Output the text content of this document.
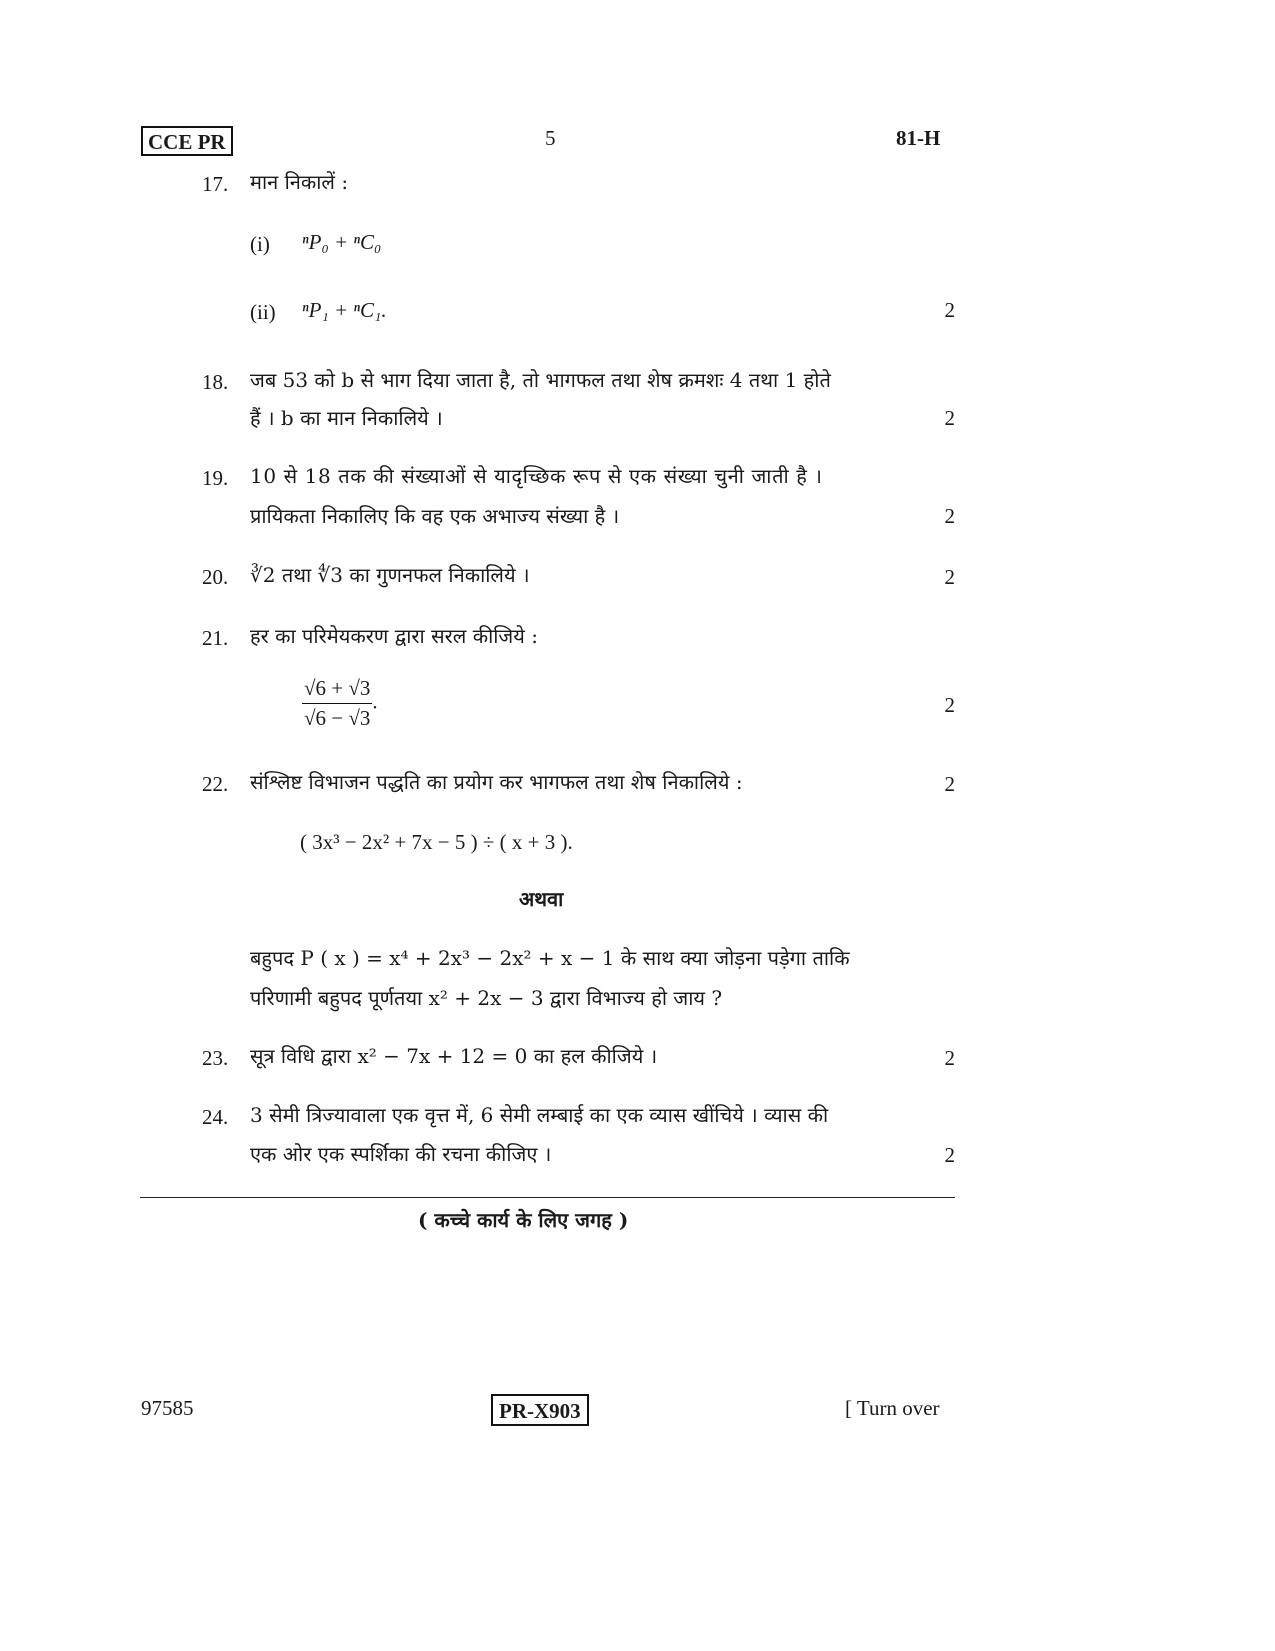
CCE PR	5	81-H
17. मान निकालें :
(i) ⁿP₀ + ⁿC₀
(ii) ⁿP₁ + ⁿC₁.	2
18. जब 53 को b से भाग दिया जाता है, तो भागफल तथा शेष क्रमशः 4 तथा 1 होते
हैं । b का मान निकालिये ।	2
19. 10 से 18 तक की संख्याओं से यादृच्छिक रूप से एक संख्या चुनी जाती है ।
प्रायिकता निकालिए कि वह एक अभाज्य संख्या है ।	2
20. ∛2 तथा ∜3 का गुणनफल निकालिये ।	2
21. हर का परिमेयकरण द्वारा सरल कीजिये :
$\frac{√6 + √3}{√6 - √3}$ .	2
22. संश्लिष्ट विभाजन पद्धति का प्रयोग कर भागफल तथा शेष निकालिये :	2
( 3x³ − 2x² + 7x − 5 ) ÷ ( x + 3 ).
अथवा
बहुपद P ( x ) = x⁴ + 2x³ − 2x² + x − 1 के साथ क्या जोड़ना पड़ेगा ताकि
परिणामी बहुपद पूर्णतया x² + 2x − 3 द्वारा विभाज्य हो जाय ?
23. सूत्र विधि द्वारा x² − 7x + 12 = 0 का हल कीजिये ।	2
24. 3 सेमी त्रिज्यावाला एक वृत्त में, 6 सेमी लम्बाई का एक व्यास खींचिये । व्यास की
एक ओर एक स्पर्शिका की रचना कीजिए ।	2
( कच्चे कार्य के लिए जगह )
97585	PR-X903	[ Turn over
